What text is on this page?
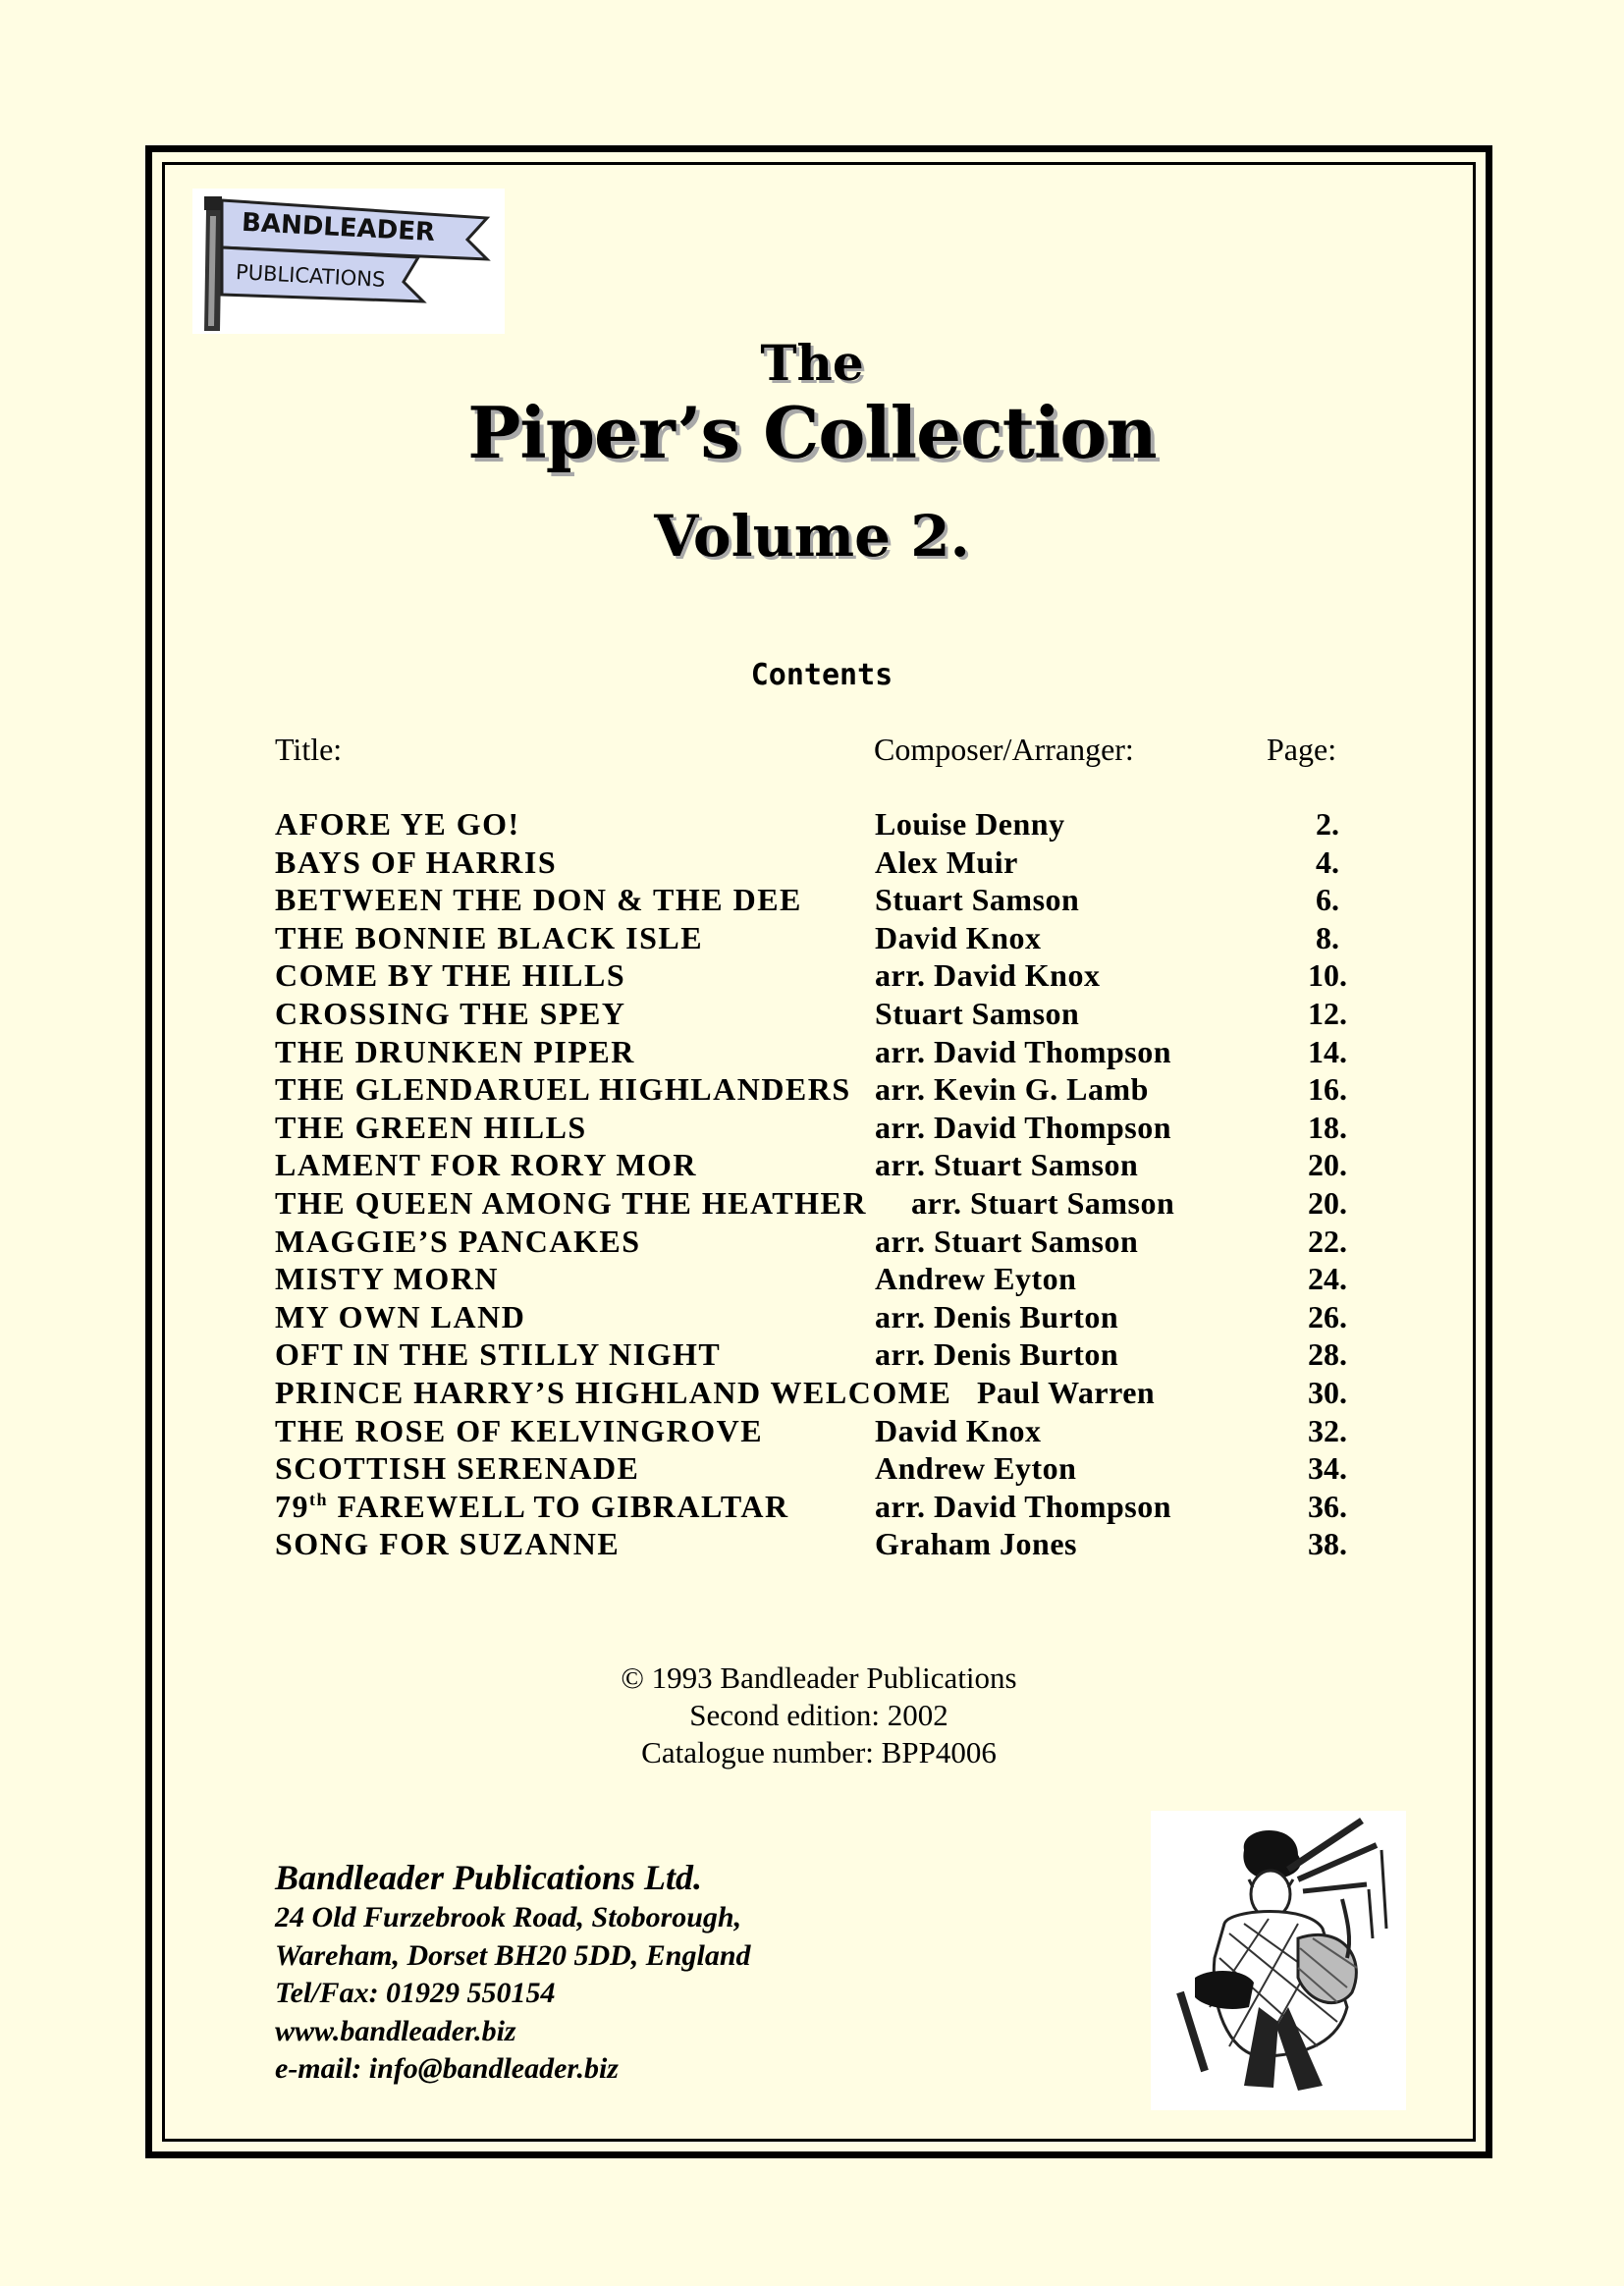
BANDLEADER
PUBLICATIONS
The
Piper’s Collection
Volume 2.
Contents
Title:	Composer/Arranger:	Page:
AFORE YE GO!	Louise Denny	2.
BAYS OF HARRIS	Alex Muir	4.
BETWEEN THE DON & THE DEE Stuart Samson	6.
THE BONNIE BLACK ISLE	David Knox	8.
COME BY THE HILLS	arr. David Knox	10.
CROSSING THE SPEY	Stuart Samson	12.
THE DRUNKEN PIPER	arr. David Thompson	14.
THE GLENDARUEL HIGHLANDERS arr. Kevin G. Lamb	16.
THE GREEN HILLS	arr. David Thompson	18.
LAMENT FOR RORY MOR	arr. Stuart Samson	20.
THE QUEEN AMONG THE HEATHER arr. Stuart Samson	20.
MAGGIE’S PANCAKES	arr. Stuart Samson	22.
MISTY MORN	Andrew Eyton	24.
MY OWN LAND	arr. Denis Burton	26.
OFT IN THE STILLY NIGHT	arr. Denis Burton	28.
PRINCE HARRY’S HIGHLAND WELCOME Paul Warren	30.
THE ROSE OF KELVINGROVE	David Knox	32.
SCOTTISH SERENADE	Andrew Eyton	34.
79th FAREWELL TO GIBRALTAR	arr. David Thompson	36.
SONG FOR SUZANNE	Graham Jones	38.
© 1993 Bandleader Publications
Second edition: 2002
Catalogue number: BPP4006
Bandleader Publications Ltd.
24 Old Furzebrook Road, Stoborough,
Wareham, Dorset BH20 5DD, England
Tel/Fax: 01929 550154
www.bandleader.biz
e-mail: info@bandleader.biz
